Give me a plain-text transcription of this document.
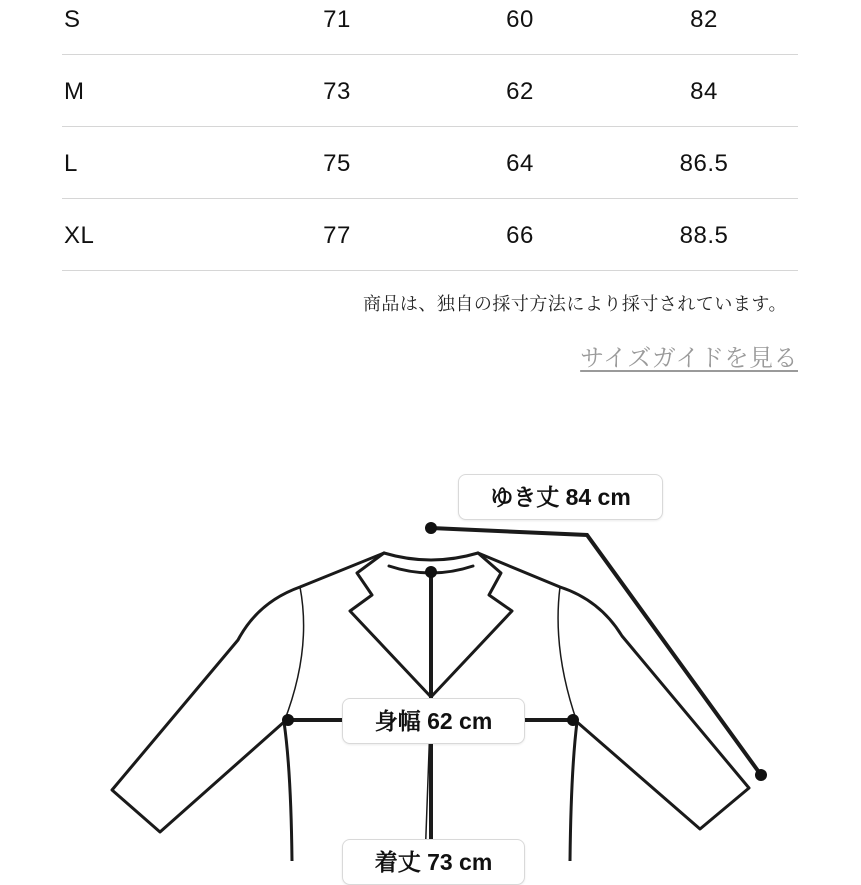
S	71	60	82
M	73	62	84
L	75	64	86.5
XL	77	66	88.5
商品は、独自の採寸方法により採寸されています。
サイズガイドを見る
ゆき丈 84 cm
身幅 62 cm
着丈 73 cm
